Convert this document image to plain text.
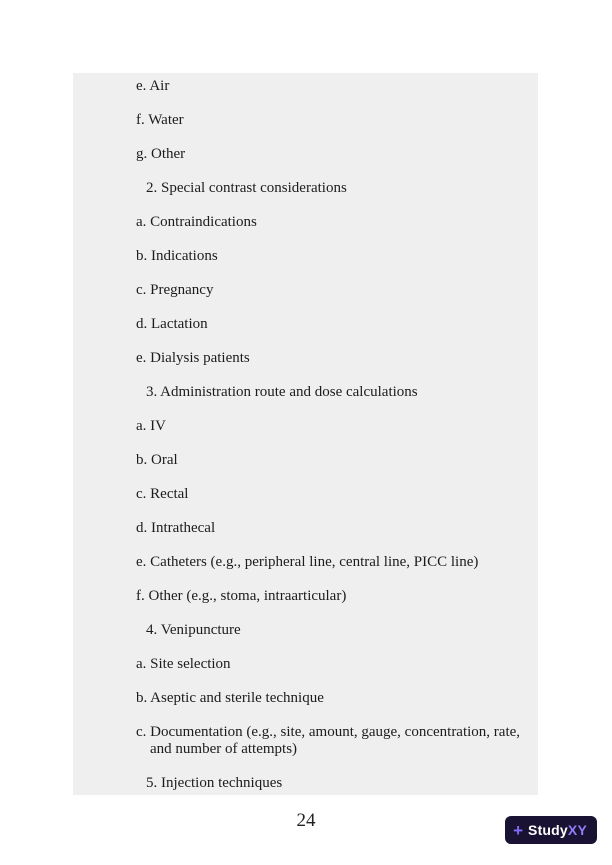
e. Air
f. Water
g. Other
2. Special contrast considerations
a. Contraindications
b. Indications
c. Pregnancy
d. Lactation
e. Dialysis patients
3. Administration route and dose calculations
a. IV
b. Oral
c. Rectal
d. Intrathecal
e. Catheters (e.g., peripheral line, central line, PICC line)
f. Other (e.g., stoma, intraarticular)
4. Venipuncture
a. Site selection
b. Aseptic and sterile technique
c. Documentation (e.g., site, amount, gauge, concentration, rate, and number of attempts)
5. Injection techniques
24	+ Study XY
